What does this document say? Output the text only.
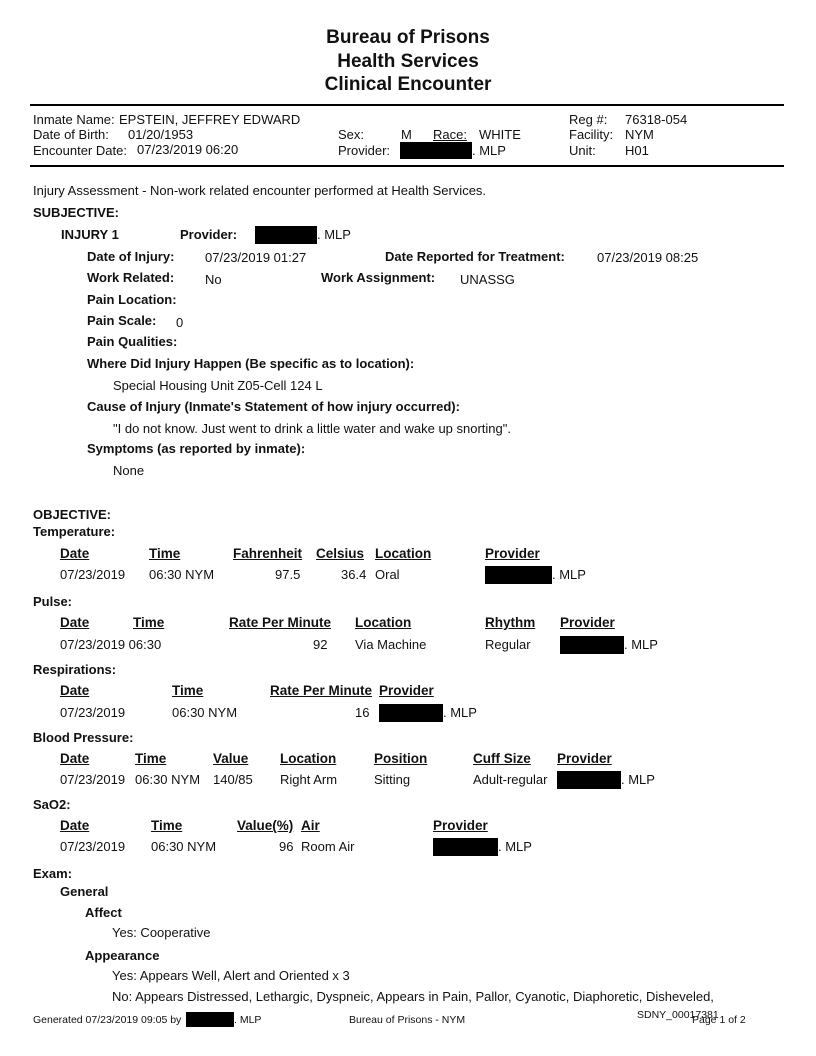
Bureau of Prisons
Health Services
Clinical Encounter
Inmate Name: EPSTEIN, JEFFREY EDWARD
Date of Birth: 01/20/1953
Encounter Date: 07/23/2019 06:20
Sex:	M Race: WHITE
Provider:	. MLP
Reg #: 76318-054
Facility: NYM
Unit: H01
Injury Assessment - Non-work related encounter performed at Health Services.
SUBJECTIVE:
INJURY 1	Provider:	. MLP
Date of Injury: 07/23/2019 01:27	Date Reported for Treatment: 07/23/2019 08:25
Work Related: No	Work Assignment: UNASSG
Pain Location:
Pain Scale: 0
Pain Qualities:
Where Did Injury Happen (Be specific as to location):
Special Housing Unit Z05-Cell 124 L
Cause of Injury (Inmate's Statement of how injury occurred):
"I do not know. Just went to drink a little water and wake up snorting".
Symptoms (as reported by inmate):
None
OBJECTIVE:
Temperature:
Date	Time	Fahrenheit Celsius Location	Provider
07/23/2019 06:30 NYM	97.5	36.4 Oral	. MLP
Pulse:
Date	Time	Rate Per Minute Location	Rhythm Provider
07/23/2019 06:30	92 Via Machine	Regular	. MLP
Respirations:
Date	Time	Rate Per Minute Provider
07/23/2019	06:30 NYM	16	. MLP
Blood Pressure:
Date	Time	Value Location	Position	Cuff Size Provider
07/23/2019 06:30 NYM 140/85 Right Arm	Sitting	Adult-regular	. MLP
SaO2:
Date	Time	Value(%) Air	Provider
07/23/2019 06:30 NYM	96 Room Air	. MLP
Exam:
General
Affect
Yes: Cooperative
Appearance
Yes: Appears Well, Alert and Oriented x 3
No: Appears Distressed, Lethargic, Dyspneic, Appears in Pain, Pallor, Cyanotic, Diaphoretic, Disheveled,
Generated 07/23/2019 09:05 by	. MLP	Bureau of Prisons - NYM	SDNY_00017381
Page 1 of 2
